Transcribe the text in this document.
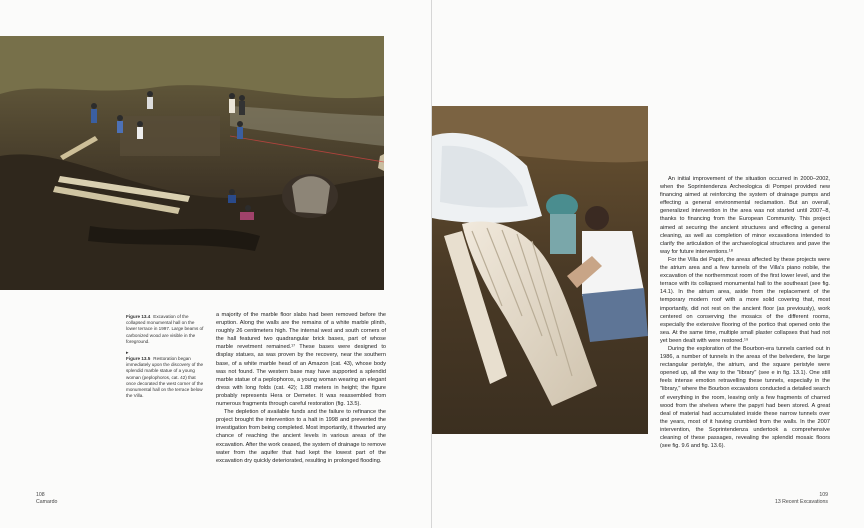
Figure 13.4 Excavation of the collapsed monumental hall on the lower terrace in 1997. Large beams of carbonized wood are visible in the foreground.
▸
Figure 13.5 Restoration began immediately upon the discovery of the splendid marble statue of a young woman (peplophoros, cat. 42) that once decorated the west corner of the monumental hall on the terrace below the Villa.

a majority of the marble floor slabs had been removed before the eruption. Along the walls are the remains of a white marble plinth, roughly 26 centimeters high. The internal west and south corners of the hall featured two quadrangular brick bases, part of whose marble revetment remained.¹⁷ These bases were designed to display statues, as was proven by the recovery, near the southern base, of a white marble head of an Amazon (cat. 43), whose body was not found. The western base may have supported a splendid marble statue of a peplophoros, a young woman wearing an elegant dress with long folds (cat. 42); 1.88 meters in height; the figure probably represents Hera or Demeter. It was reassembled from numerous fragments through careful restoration (fig. 13.5).

The depletion of available funds and the failure to refinance the project brought the intervention to a halt in 1998 and prevented the investigation from being completed. Most importantly, it thwarted any chance of reaching the ancient levels in various areas of the excavation. After the work ceased, the system of drainage to remove water from the aquifer that had kept the lowest part of the excavation dry quickly deteriorated, resulting in prolonged flooding.

An initial improvement of the situation occurred in 2000–2002, when the Soprintendenza Archeologica di Pompei provided new financing aimed at reinforcing the system of drainage pumps and effecting a general environmental reclamation. But an overall, generalized intervention in the area was not started until 2007–8, thanks to financing from the European Community. This project aimed at securing the ancient structures and effecting a general cleaning, as well as completion of minor excavations intended to clarify the articulation of the archaeological structures and pave the way for future interventions.¹⁸

For the Villa dei Papiri, the areas affected by these projects were the atrium area and a few tunnels of the Villa's piano nobile, the excavation of the northernmost room of the first lower level, and the terrace with its collapsed monumental hall to the southeast (see fig. 14.1). In the atrium area, aside from the replacement of the temporary modern roof with a more solid covering that, most importantly, did not rest on the ancient floor (as previously), work centered on conserving the mosaics of the different rooms, especially the extensive flooring of the portico that opened onto the sea. At the same time, multiple small plaster collapses that had not yet been dealt with were restored.¹⁹

During the exploration of the Bourbon-era tunnels carried out in 1986, a number of tunnels in the areas of the belvedere, the large rectangular peristyle, the atrium, and the square peristyle were opened up, all the way to the "library" (see e in fig. 13.1). One still feels intense emotion retravelling these tunnels, especially in the "library," where the Bourbon excavators conducted a detailed search of everything in the room, leaving only a few fragments of charred wood from the shelves where the papyri had been stored. A great deal of material had accumulated inside these narrow tunnels over the years, most of it having crumbled from the walls. In the 2007 intervention, the Soprintendenza undertook a comprehensive cleaning of these passages, revealing the splendid mosaic floors (see fig. 9.6 and fig. 13.6).

108
Camardo
109
13 Recent Excavations
